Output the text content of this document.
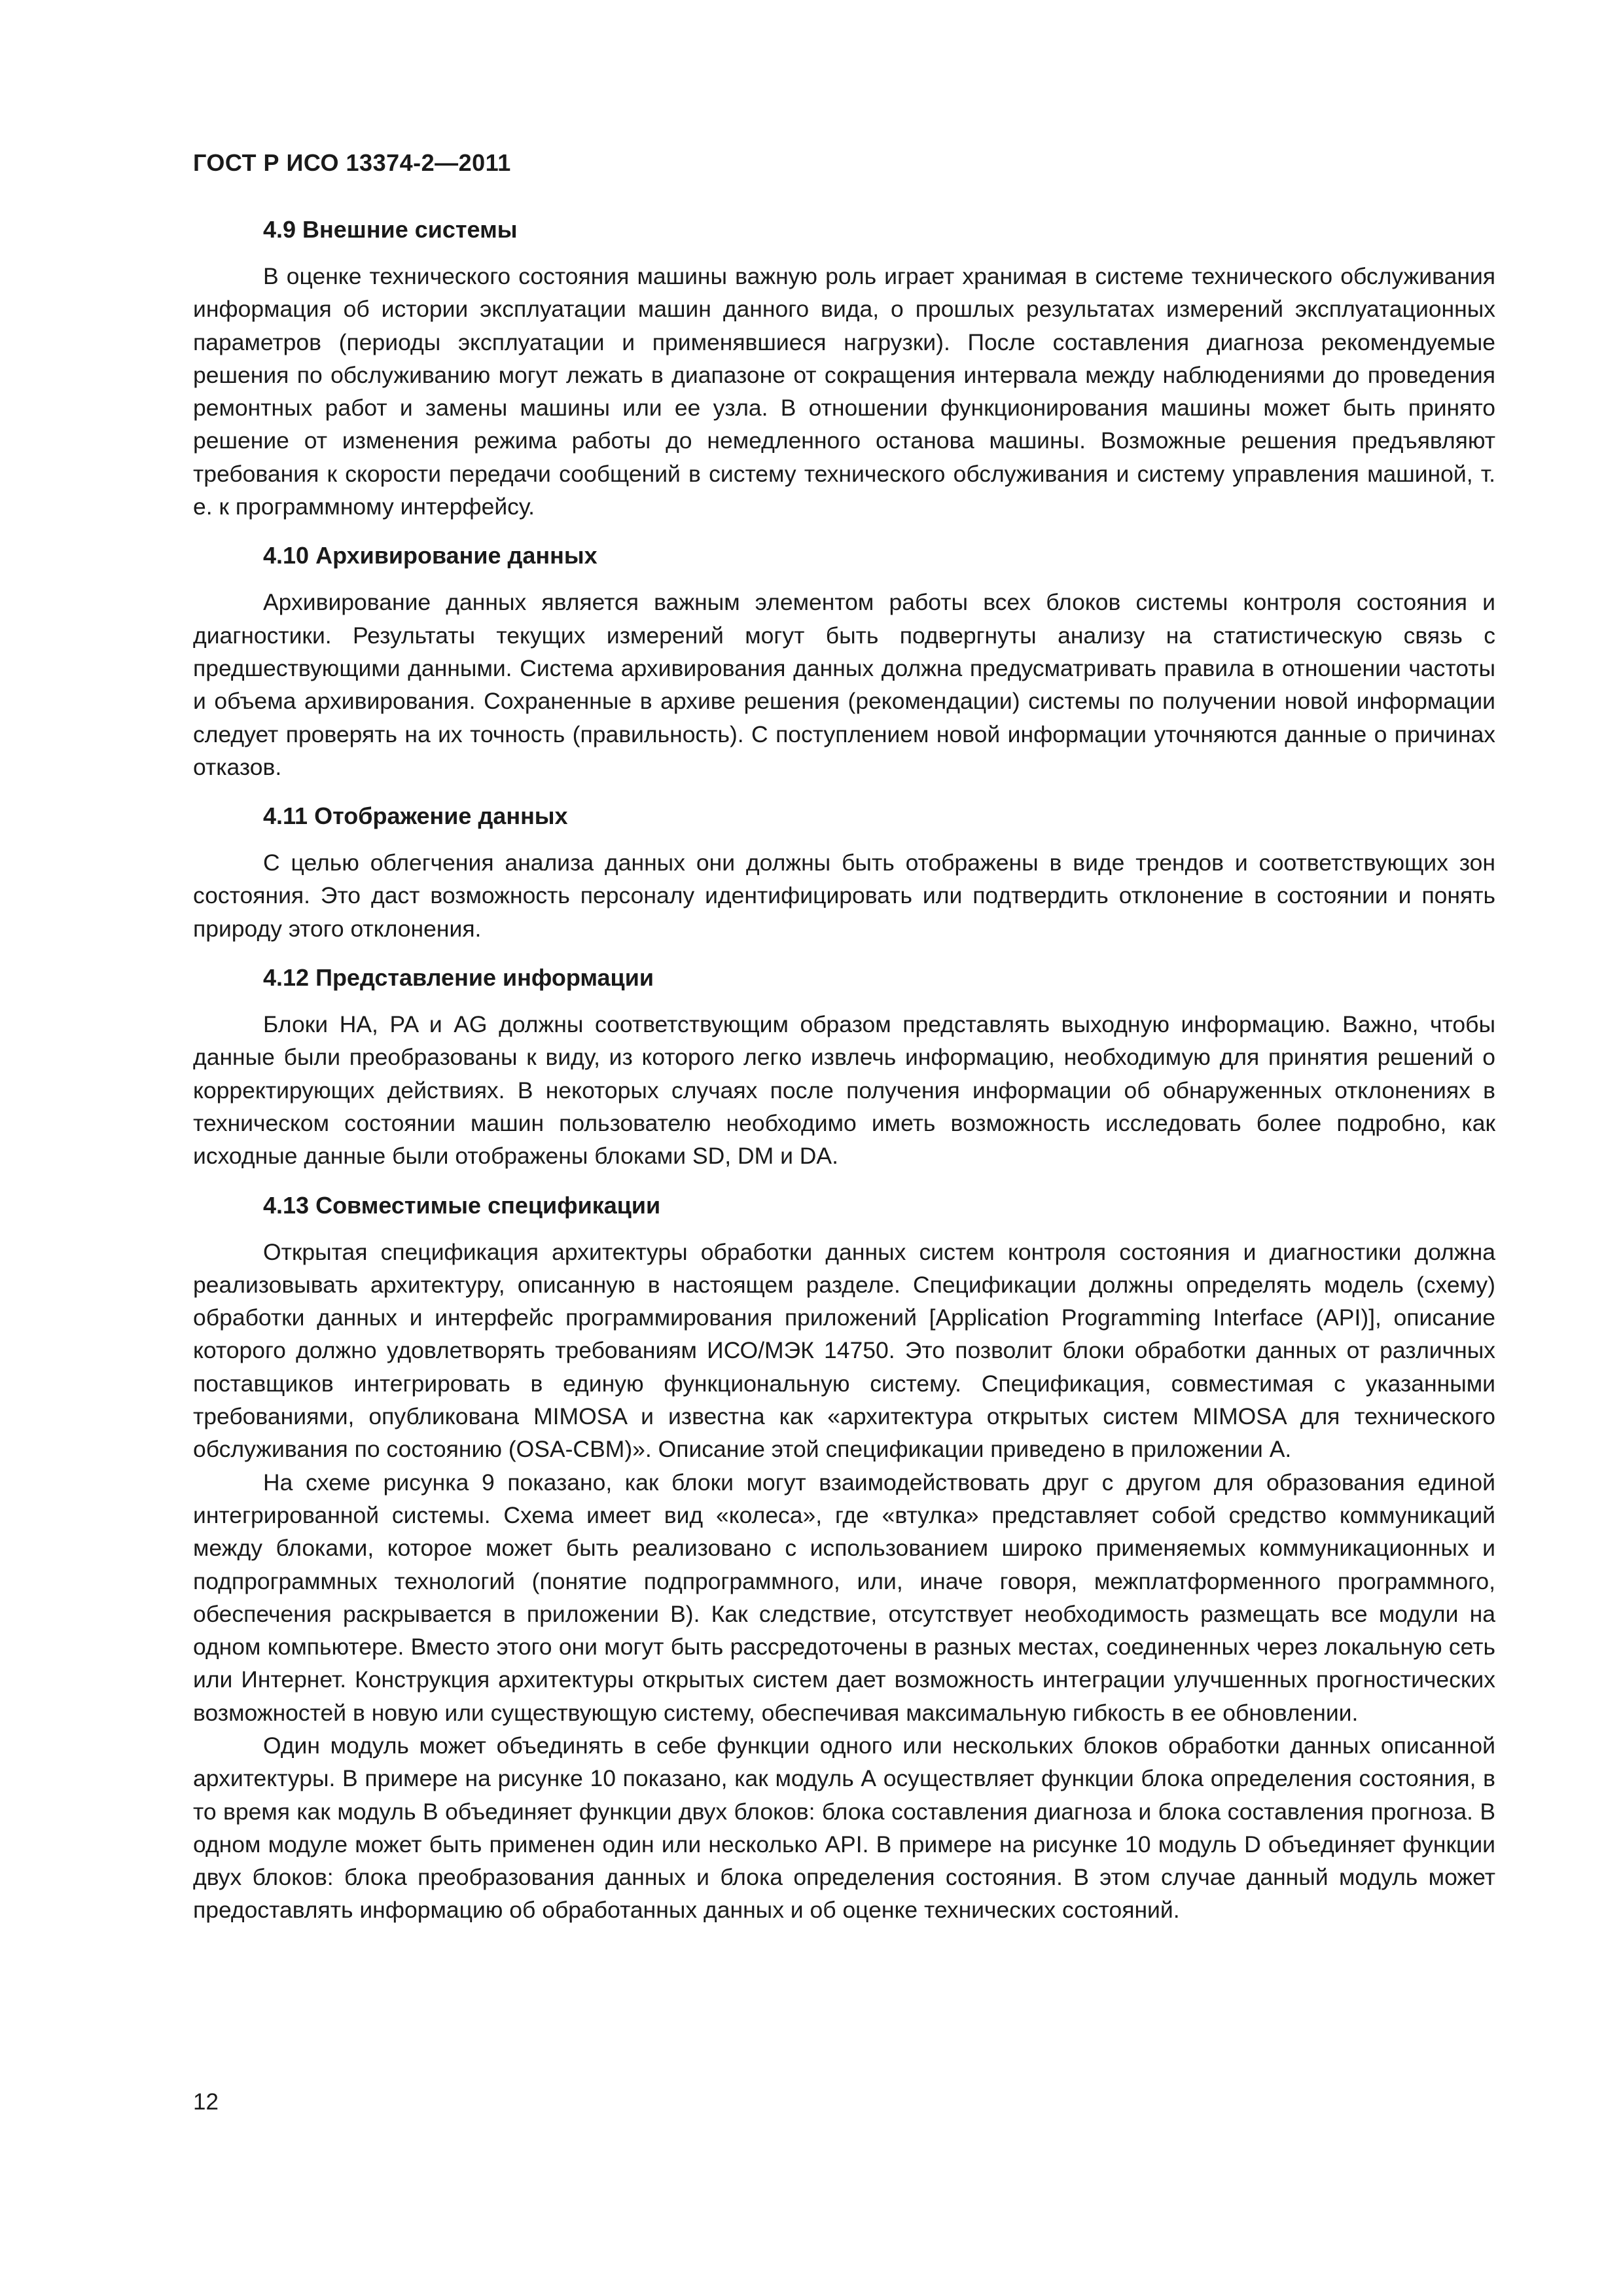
ГОСТ Р ИСО 13374-2—2011
4.9 Внешние системы

В оценке технического состояния машины важную роль играет хранимая в системе технического обслуживания информация об истории эксплуатации машин данного вида, о прошлых результатах измерений эксплуатационных параметров (периоды эксплуатации и применявшиеся нагрузки). После составления диагноза рекомендуемые решения по обслуживанию могут лежать в диапазоне от сокращения интервала между наблюдениями до проведения ремонтных работ и замены машины или ее узла. В отношении функционирования машины может быть принято решение от изменения режима работы до немедленного останова машины. Возможные решения предъявляют требования к скорости передачи сообщений в систему технического обслуживания и систему управления машиной, т. е. к программному интерфейсу.

4.10 Архивирование данных

Архивирование данных является важным элементом работы всех блоков системы контроля состояния и диагностики. Результаты текущих измерений могут быть подвергнуты анализу на статистическую связь с предшествующими данными. Система архивирования данных должна предусматривать правила в отношении частоты и объема архивирования. Сохраненные в архиве решения (рекомендации) системы по получении новой информации следует проверять на их точность (правильность). С поступлением новой информации уточняются данные о причинах отказов.

4.11 Отображение данных

С целью облегчения анализа данных они должны быть отображены в виде трендов и соответствующих зон состояния. Это даст возможность персоналу идентифицировать или подтвердить отклонение в состоянии и понять природу этого отклонения.

4.12 Представление информации

Блоки HA, PA и AG должны соответствующим образом представлять выходную информацию. Важно, чтобы данные были преобразованы к виду, из которого легко извлечь информацию, необходимую для принятия решений о корректирующих действиях. В некоторых случаях после получения информации об обнаруженных отклонениях в техническом состоянии машин пользователю необходимо иметь возможность исследовать более подробно, как исходные данные были отображены блоками SD, DM и DA.

4.13 Совместимые спецификации

Открытая спецификация архитектуры обработки данных систем контроля состояния и диагностики должна реализовывать архитектуру, описанную в настоящем разделе. Спецификации должны определять модель (схему) обработки данных и интерфейс программирования приложений [Application Programming Interface (API)], описание которого должно удовлетворять требованиям ИСО/МЭК 14750. Это позволит блоки обработки данных от различных поставщиков интегрировать в единую функциональную систему. Спецификация, совместимая с указанными требованиями, опубликована MIMOSA и известна как «архитектура открытых систем MIMOSA для технического обслуживания по состоянию (OSA-CBM)». Описание этой спецификации приведено в приложении А.

На схеме рисунка 9 показано, как блоки могут взаимодействовать друг с другом для образования единой интегрированной системы. Схема имеет вид «колеса», где «втулка» представляет собой средство коммуникаций между блоками, которое может быть реализовано с использованием широко применяемых коммуникационных и подпрограммных технологий (понятие подпрограммного, или, иначе говоря, межплатформенного программного, обеспечения раскрывается в приложении В). Как следствие, отсутствует необходимость размещать все модули на одном компьютере. Вместо этого они могут быть рассредоточены в разных местах, соединенных через локальную сеть или Интернет. Конструкция архитектуры открытых систем дает возможность интеграции улучшенных прогностических возможностей в новую или существующую систему, обеспечивая максимальную гибкость в ее обновлении.

Один модуль может объединять в себе функции одного или нескольких блоков обработки данных описанной архитектуры. В примере на рисунке 10 показано, как модуль А осуществляет функции блока определения состояния, в то время как модуль В объединяет функции двух блоков: блока составления диагноза и блока составления прогноза. В одном модуле может быть применен один или несколько API. В примере на рисунке 10 модуль D объединяет функции двух блоков: блока преобразования данных и блока определения состояния. В этом случае данный модуль может предоставлять информацию об обработанных данных и об оценке технических состояний.

12
